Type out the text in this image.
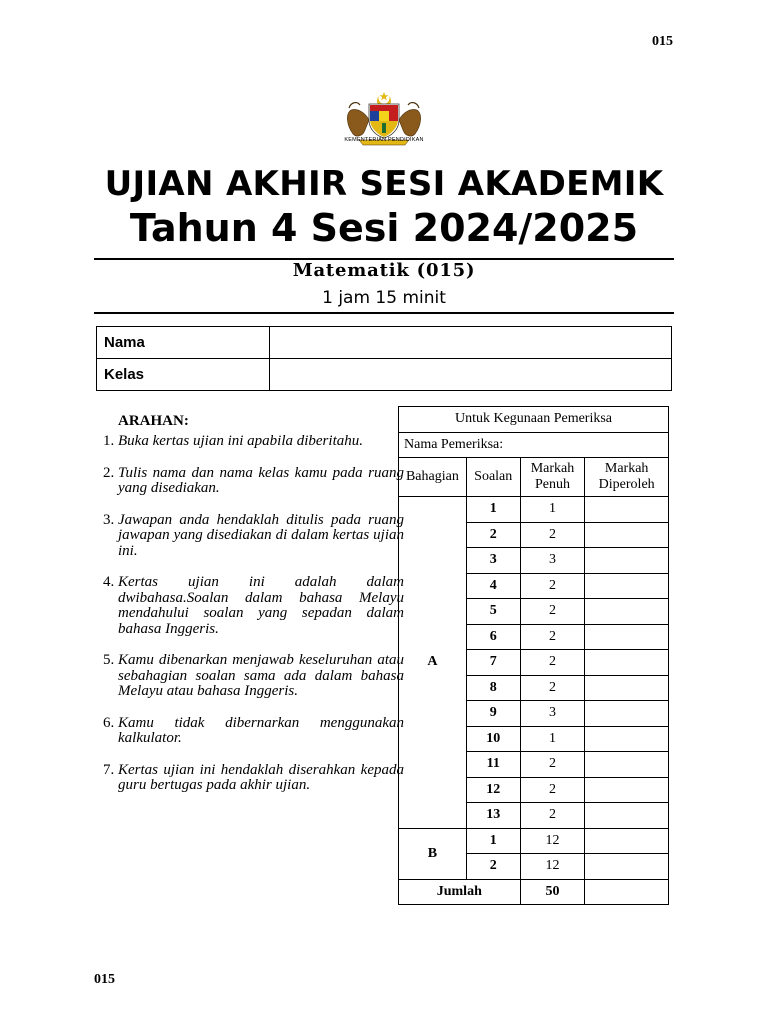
015
KEMENTERIAN PENDIDIKAN
UJIAN AKHIR SESI AKADEMIK
Tahun 4 Sesi 2024/2025
Matematik (015)
1 jam 15 minit
Nama	
Kelas	
ARAHAN:
1. Buka kertas ujian ini apabila diberitahu.
2. Tulis nama dan nama kelas kamu pada ruang yang disediakan.
3. Jawapan anda hendaklah ditulis pada ruang jawapan yang disediakan di dalam kertas ujian ini.
4. Kertas ujian ini adalah dalam dwibahasa.Soalan dalam bahasa Melayu mendahului soalan yang sepadan dalam bahasa Inggeris.
5. Kamu dibenarkan menjawab keseluruhan atau sebahagian soalan sama ada dalam bahasa Melayu atau bahasa Inggeris.
6. Kamu tidak dibernarkan menggunakan kalkulator.
7. Kertas ujian ini hendaklah diserahkan kepada guru bertugas pada akhir ujian.
Untuk Kegunaan Pemeriksa			
Nama Pemeriksa:			
Bahagian	Soalan	Markah Penuh	Markah Diperoleh
A	1	1	
	2	2	
	3	3	
	4	2	
	5	2	
	6	2	
	7	2	
	8	2	
	9	3	
	10	1	
	11	2	
	12	2	
	13	2	
B	1	12	
	2	12	
Jumlah		50	
015
